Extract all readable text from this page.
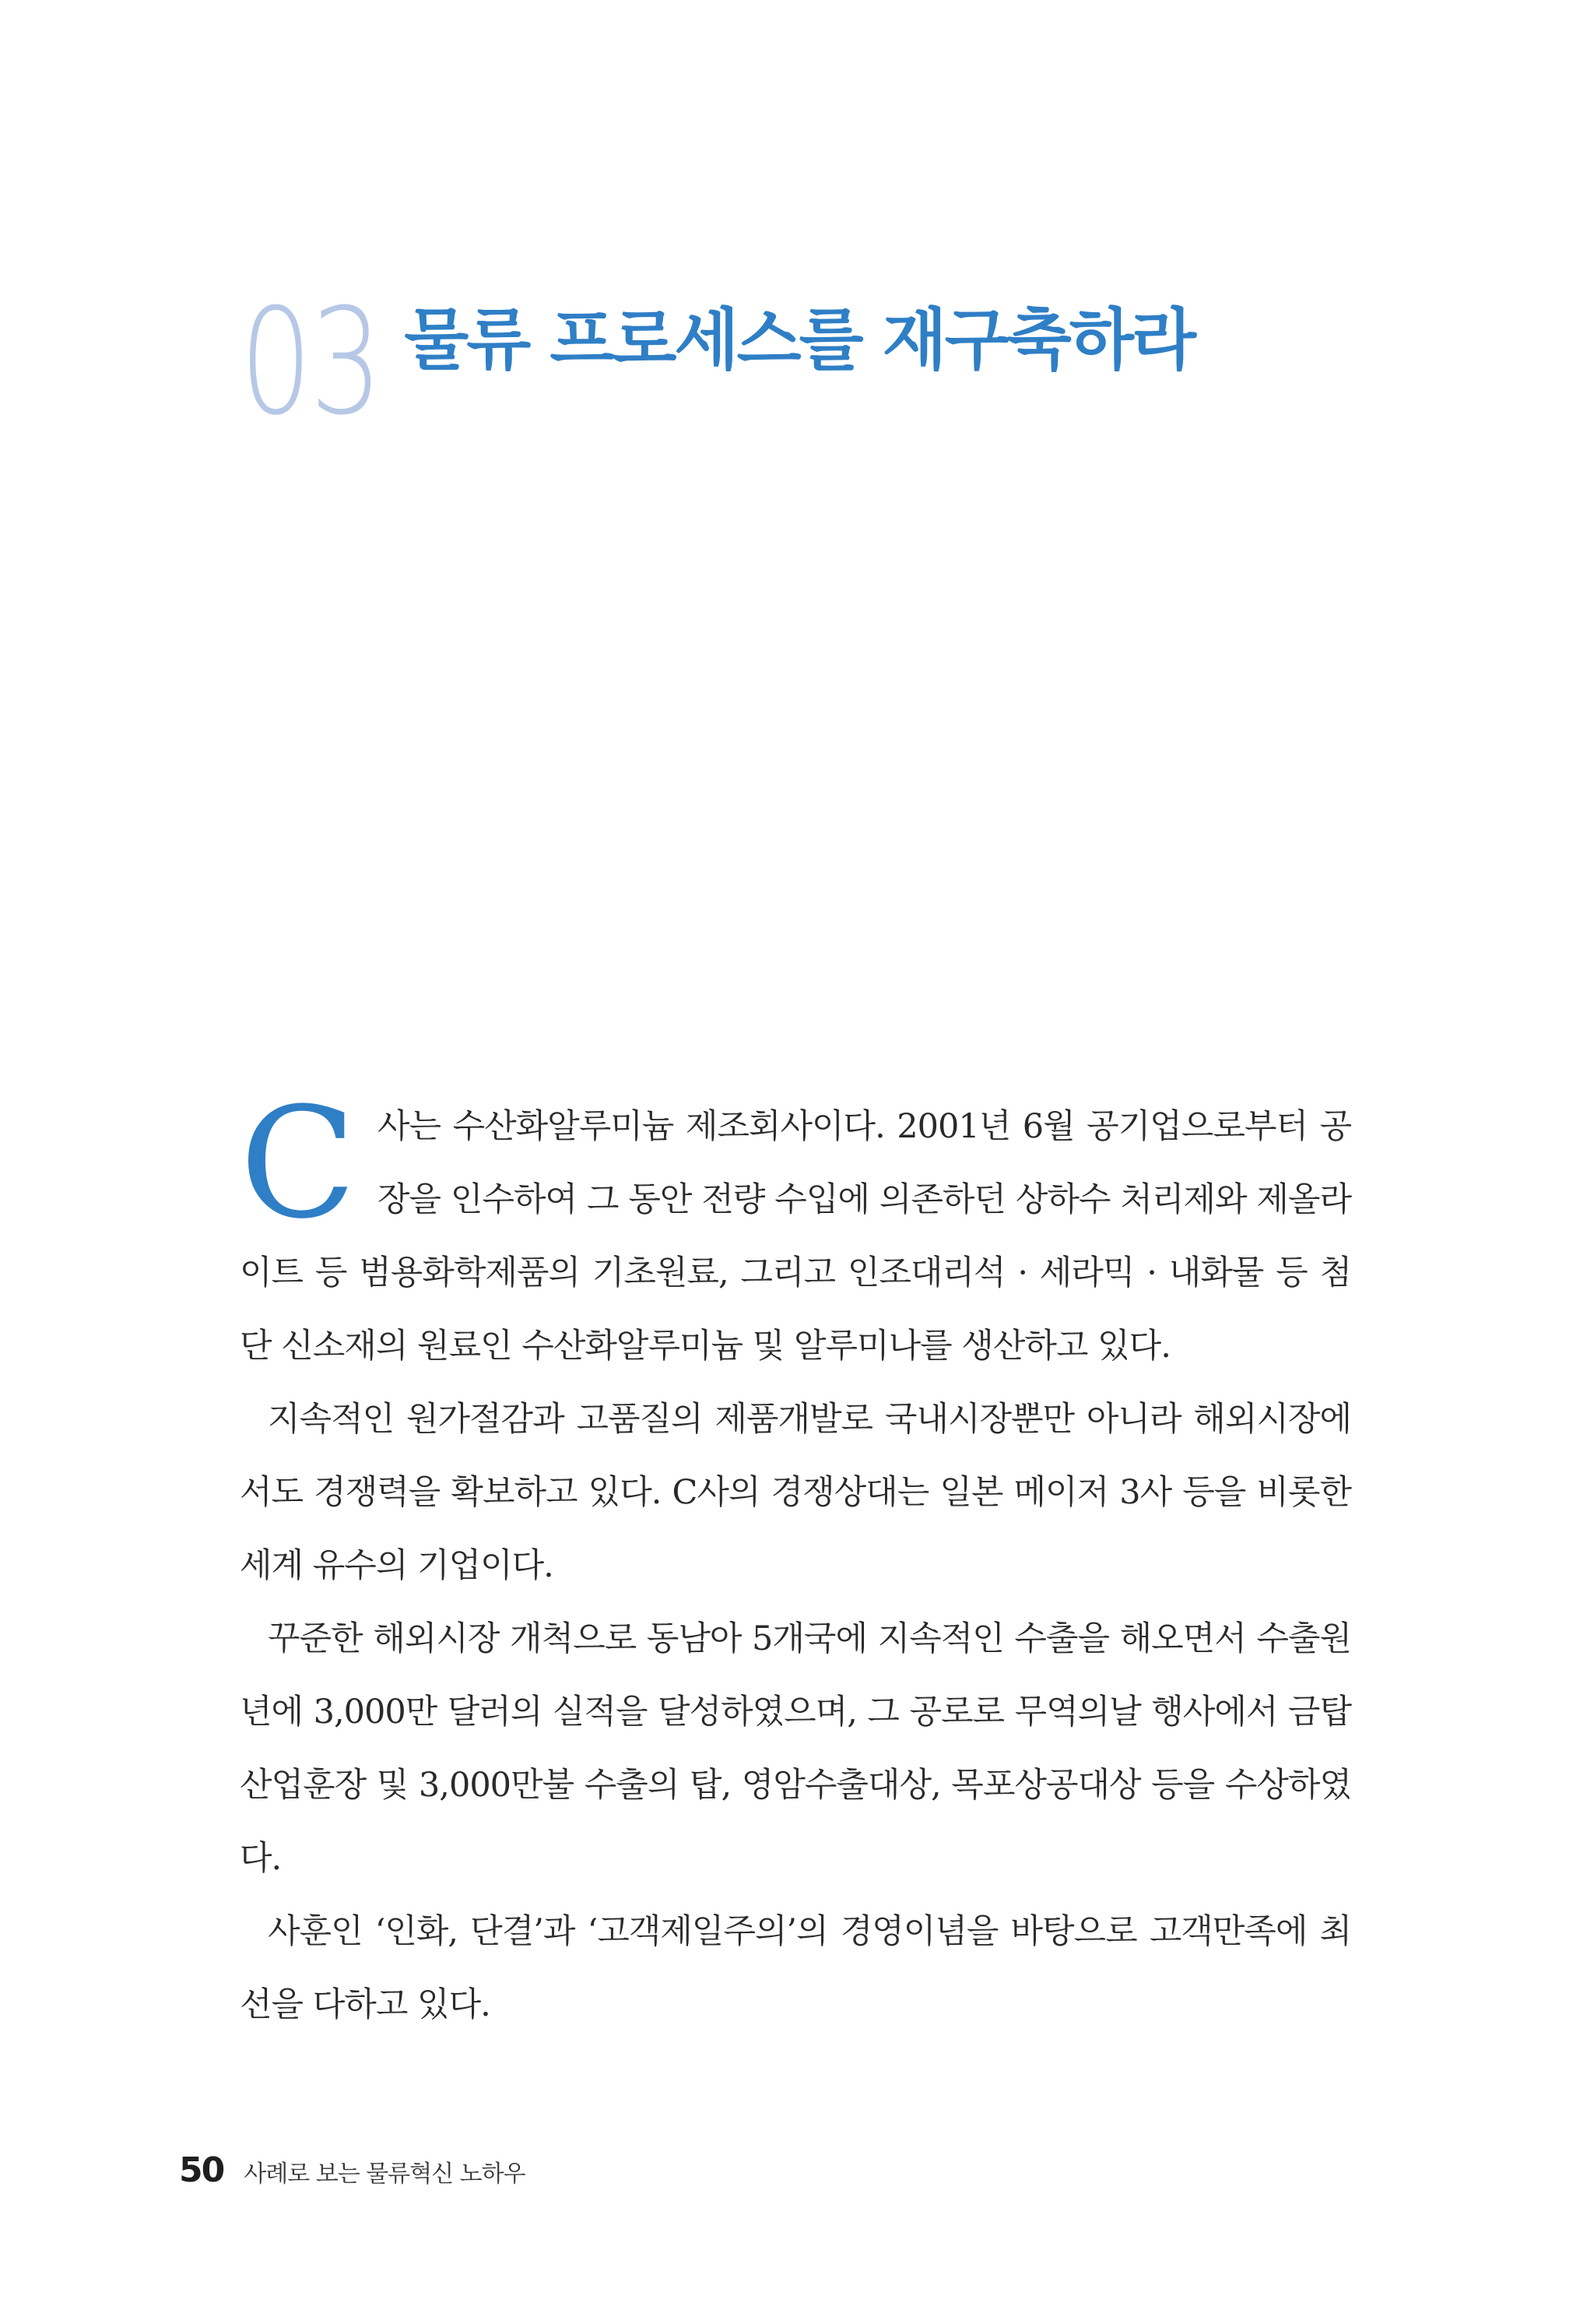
03 물류 프로세스를 재구축하라

C사는 수산화알루미늄 제조회사이다. 2001년 6월 공기업으로부터 공장을 인수하여 그 동안 전량 수입에 의존하던 상하수 처리제와 제올라이트 등 범용화학제품의 기초원료, 그리고 인조대리석 · 세라믹 · 내화물 등 첨단 신소재의 원료인 수산화알루미늄 및 알루미나를 생산하고 있다.

지속적인 원가절감과 고품질의 제품개발로 국내시장뿐만 아니라 해외시장에서도 경쟁력을 확보하고 있다. C사의 경쟁상대는 일본 메이저 3사 등을 비롯한 세계 유수의 기업이다.

꾸준한 해외시장 개척으로 동남아 5개국에 지속적인 수출을 해오면서 수출원년에 3,000만 달러의 실적을 달성하였으며, 그 공로로 무역의날 행사에서 금탑산업훈장 및 3,000만불 수출의 탑, 영암수출대상, 목포상공대상 등을 수상하였다.

사훈인 ‘인화, 단결’과 ‘고객제일주의’의 경영이념을 바탕으로 고객만족에 최선을 다하고 있다.

50 사례로 보는 물류혁신 노하우
